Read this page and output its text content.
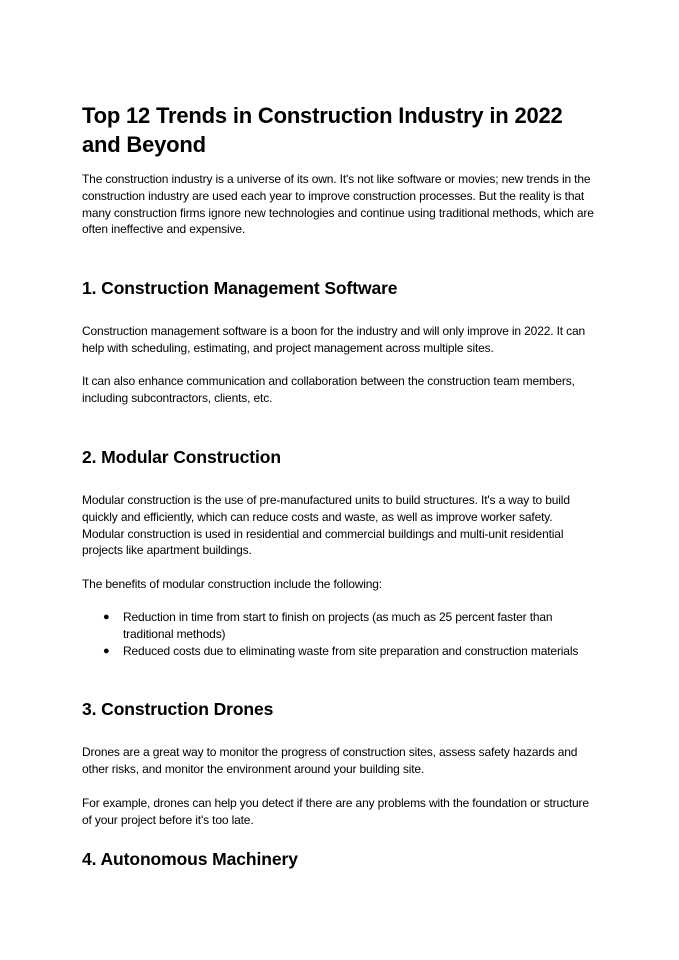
Top 12 Trends in Construction Industry in 2022 and Beyond

The construction industry is a universe of its own. It's not like software or movies; new trends in the construction industry are used each year to improve construction processes. But the reality is that many construction firms ignore new technologies and continue using traditional methods, which are often ineffective and expensive.

1. Construction Management Software

Construction management software is a boon for the industry and will only improve in 2022. It can help with scheduling, estimating, and project management across multiple sites.

It can also enhance communication and collaboration between the construction team members, including subcontractors, clients, etc.

2. Modular Construction

Modular construction is the use of pre-manufactured units to build structures. It's a way to build quickly and efficiently, which can reduce costs and waste, as well as improve worker safety. Modular construction is used in residential and commercial buildings and multi-unit residential projects like apartment buildings.

The benefits of modular construction include the following:

● Reduction in time from start to finish on projects (as much as 25 percent faster than traditional methods)
● Reduced costs due to eliminating waste from site preparation and construction materials
3. Construction Drones

Drones are a great way to monitor the progress of construction sites, assess safety hazards and other risks, and monitor the environment around your building site.

For example, drones can help you detect if there are any problems with the foundation or structure of your project before it's too late.

4. Autonomous Machinery
